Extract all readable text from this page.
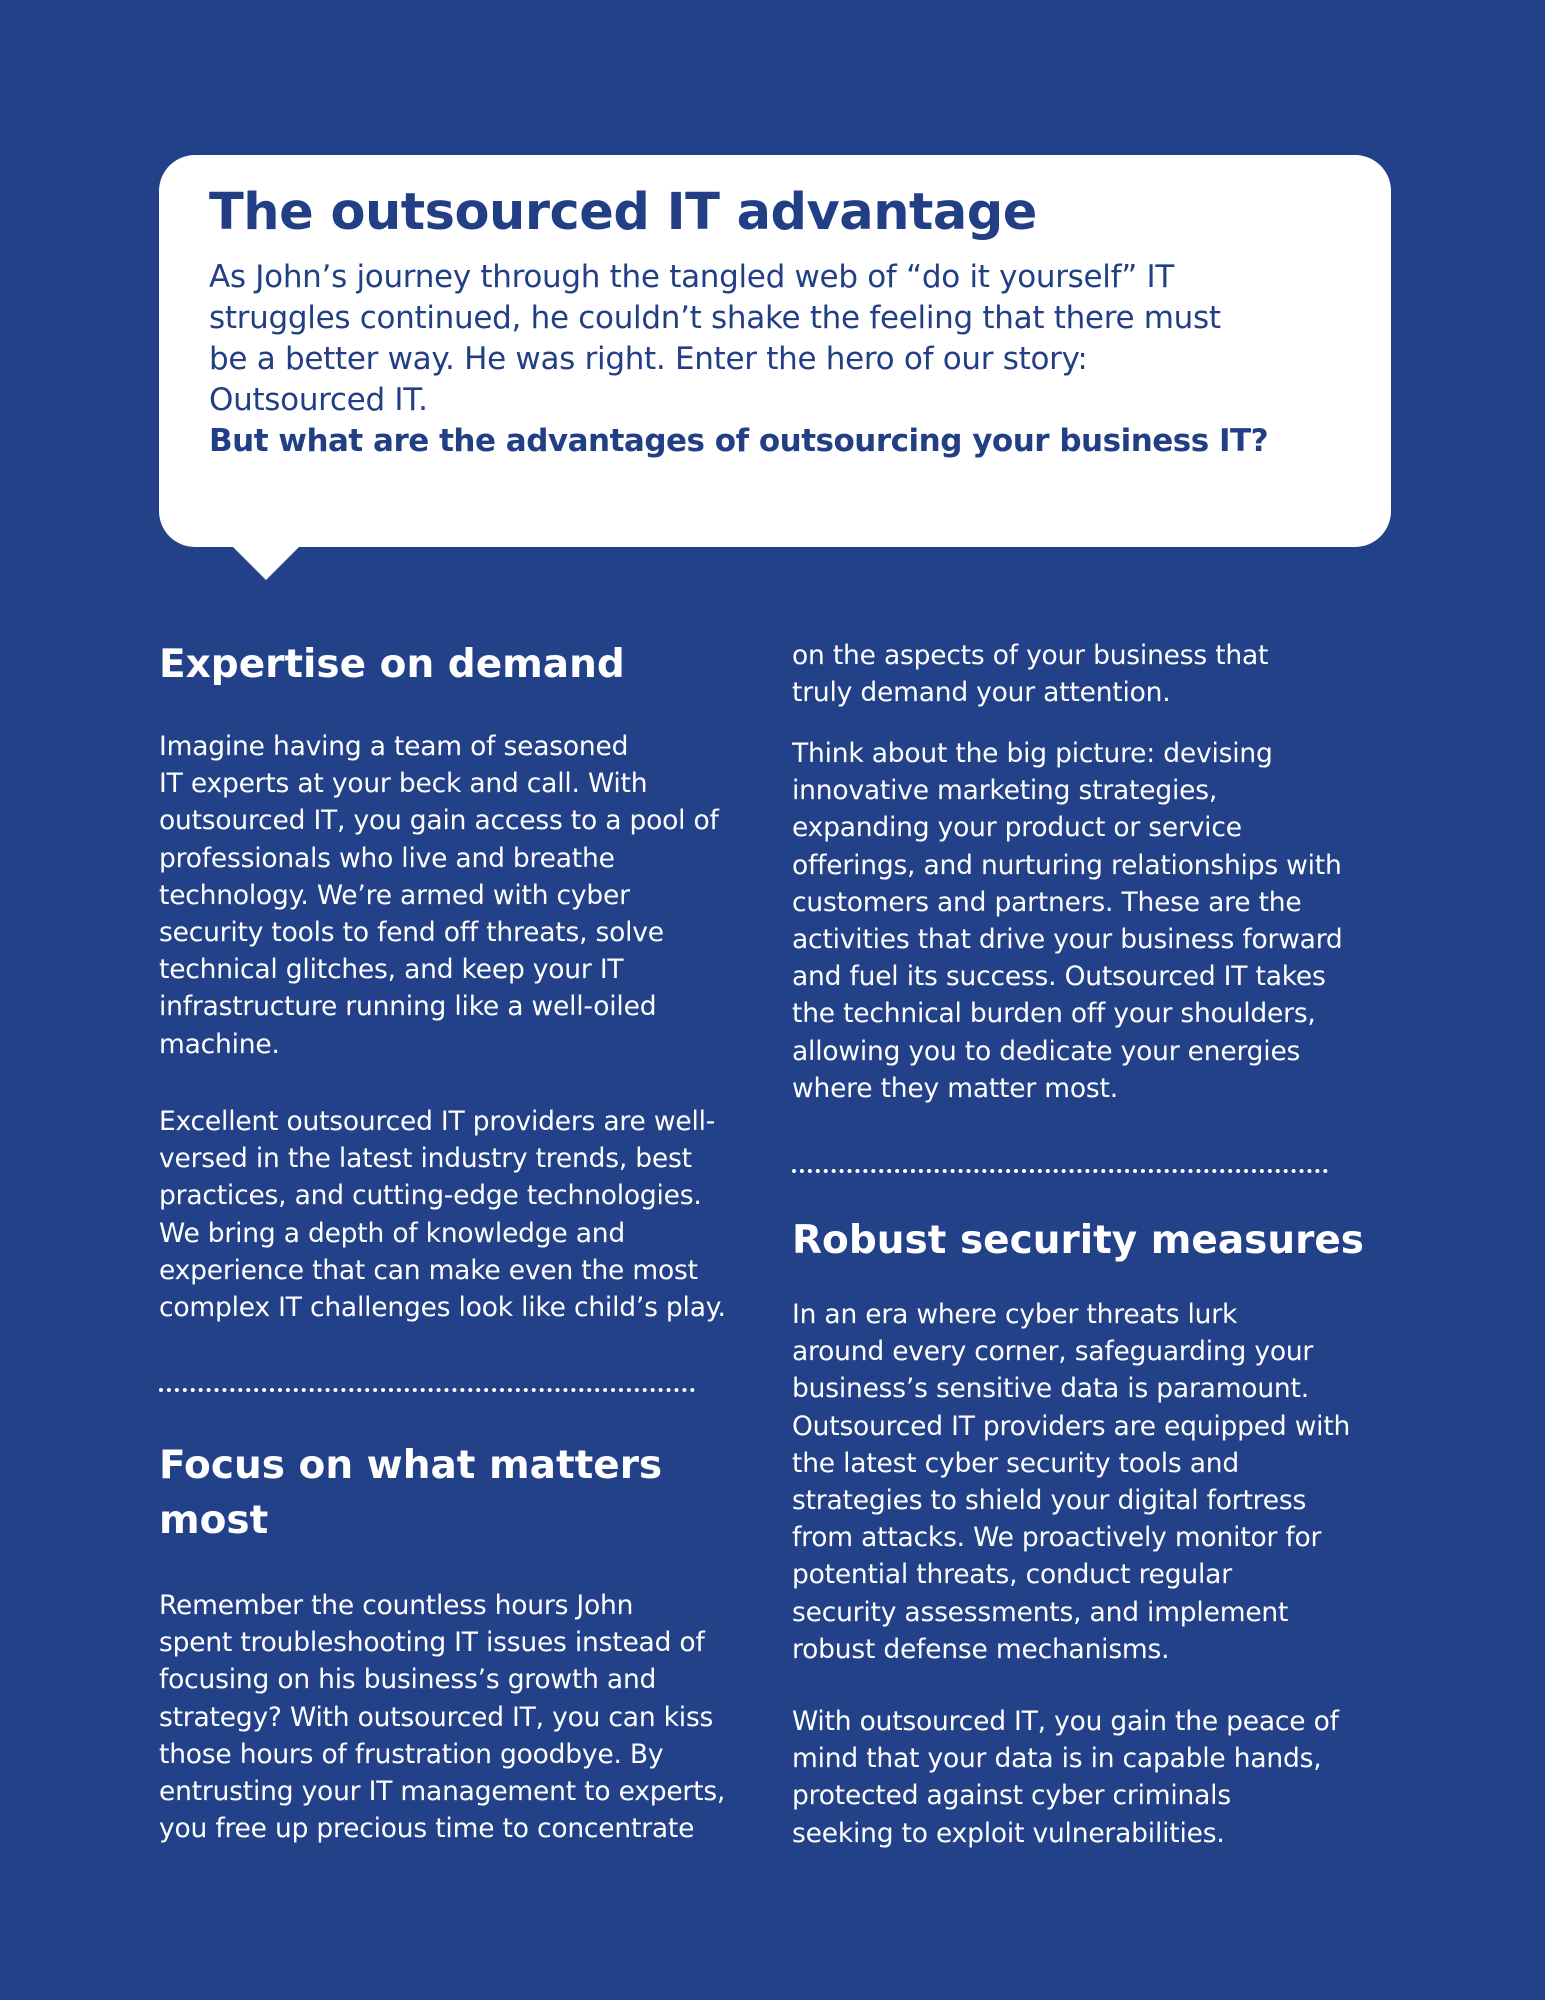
The outsourced IT advantage

As John’s journey through the tangled web of “do it yourself” IT
struggles continued, he couldn’t shake the feeling that there must
be a better way. He was right. Enter the hero of our story:
Outsourced IT.

But what are the advantages of outsourcing your business IT?

Expertise on demand
Imagine having a team of seasoned
IT experts at your beck and call. With
outsourced IT, you gain access to a pool of
professionals who live and breathe
technology. We’re armed with cyber
security tools to fend off threats, solve
technical glitches, and keep your IT
infrastructure running like a well-oiled
machine.
Excellent outsourced IT providers are well-
versed in the latest industry trends, best
practices, and cutting-edge technologies.
We bring a depth of knowledge and
experience that can make even the most
complex IT challenges look like child’s play.
Focus on what matters
most
Remember the countless hours John
spent troubleshooting IT issues instead of
focusing on his business’s growth and
strategy? With outsourced IT, you can kiss
those hours of frustration goodbye. By
entrusting your IT management to experts,
you free up precious time to concentrate
on the aspects of your business that
truly demand your attention.
Think about the big picture: devising
innovative marketing strategies,
expanding your product or service
offerings, and nurturing relationships with
customers and partners. These are the
activities that drive your business forward
and fuel its success. Outsourced IT takes
the technical burden off your shoulders,
allowing you to dedicate your energies
where they matter most.
Robust security measures
In an era where cyber threats lurk
around every corner, safeguarding your
business’s sensitive data is paramount.
Outsourced IT providers are equipped with
the latest cyber security tools and
strategies to shield your digital fortress
from attacks. We proactively monitor for
potential threats, conduct regular
security assessments, and implement
robust defense mechanisms.
With outsourced IT, you gain the peace of
mind that your data is in capable hands,
protected against cyber criminals
seeking to exploit vulnerabilities.
